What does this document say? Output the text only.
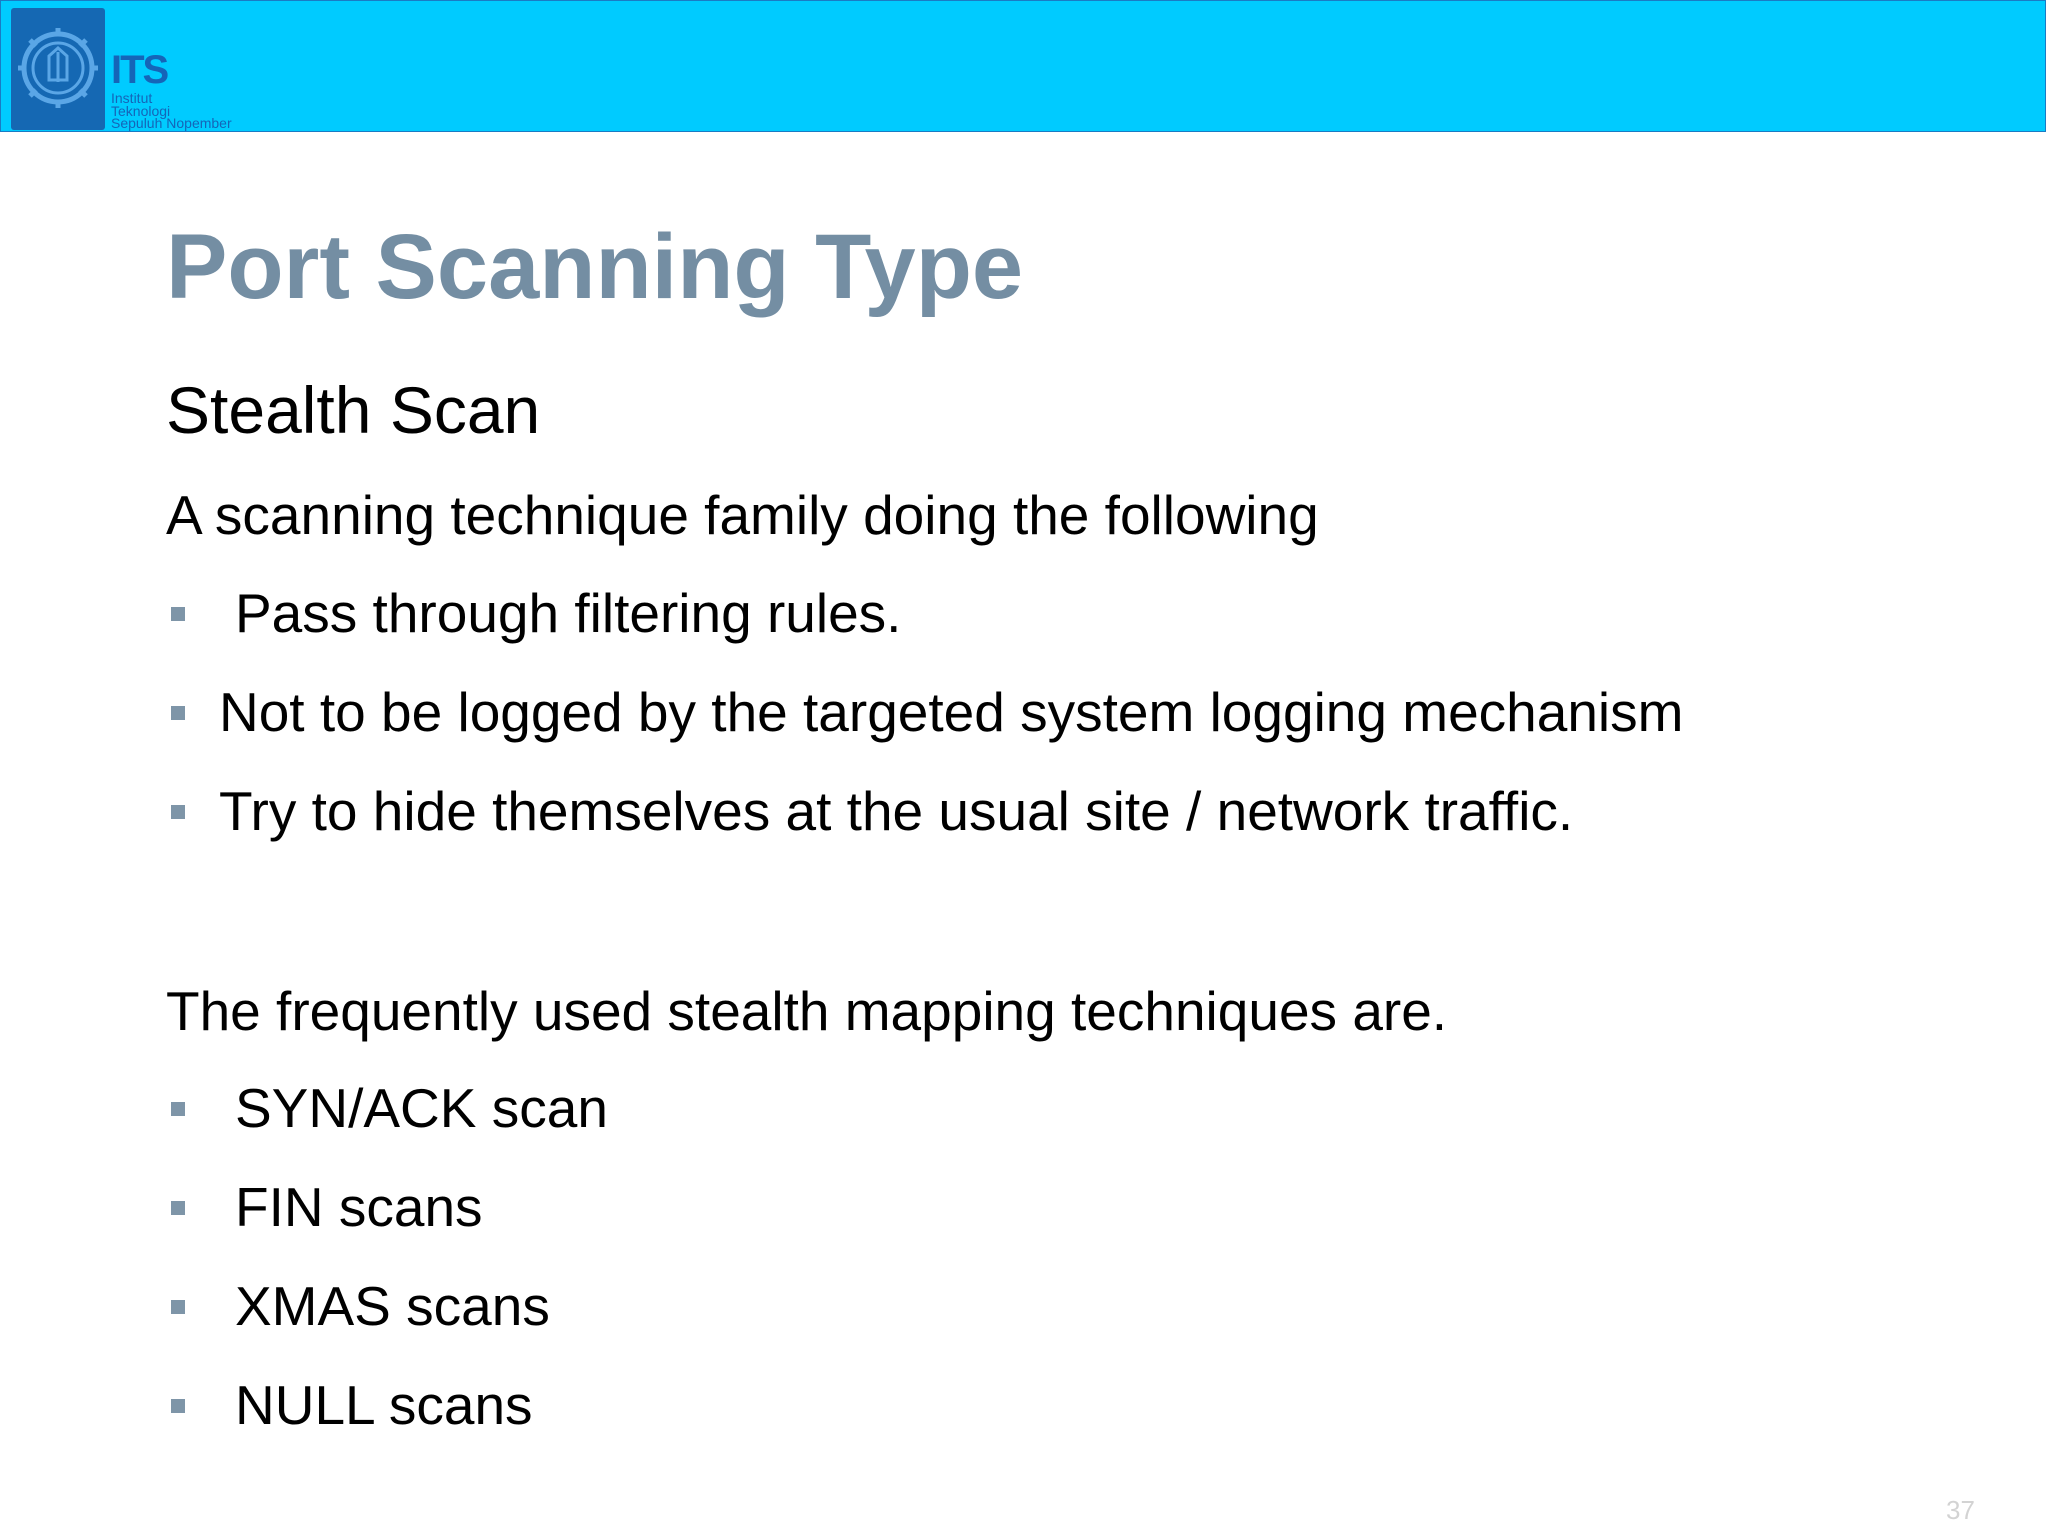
ITS
Institut
Teknologi
Sepuluh Nopember
Port Scanning Type
Stealth Scan
A scanning technique family doing the following
Pass through filtering rules.
Not to be logged by the targeted system logging mechanism
Try to hide themselves at the usual site / network traffic.
The frequently used stealth mapping techniques are.
SYN/ACK scan
FIN scans
XMAS scans
NULL scans
37
